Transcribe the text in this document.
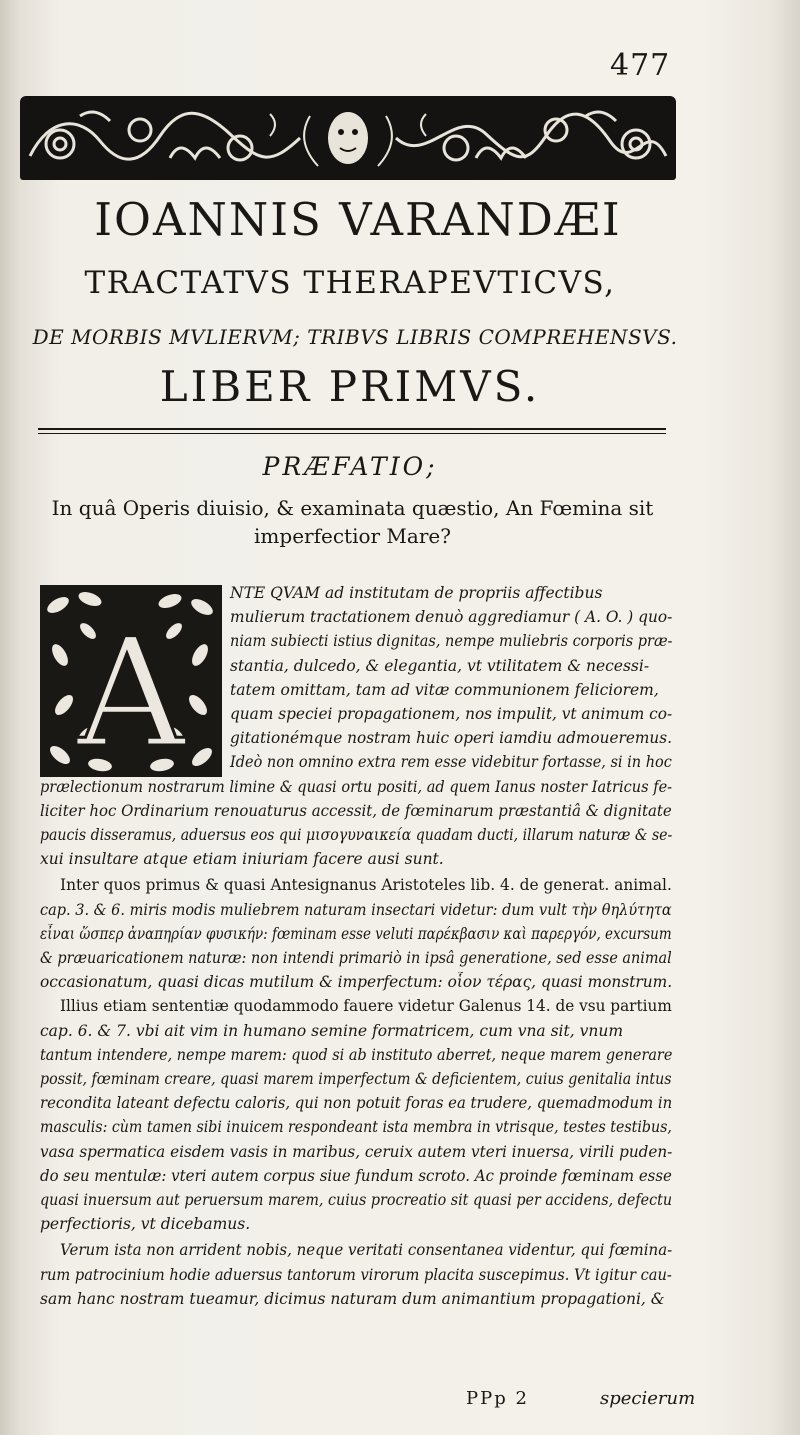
477
IOANNIS VARANDÆI
TRACTATVS THERAPEVTICVS,
DE MORBIS MVLIERVM; TRIBVS LIBRIS COMPREHENSVS.
LIBER PRIMVS.
PRÆFATIO;
In quâ Operis diuisio, & examinata quæstio, An Fœmina sit imperfectior Mare?
A
NTE QVAM ad institutam de propriis affectibus
mulierum tractationem denuò aggrediamur ( A. O. ) quo-
niam subiecti istius dignitas, nempe muliebris corporis præ-
stantia, dulcedo, & elegantia, vt vtilitatem & necessi-
tatem omittam, tam ad vitæ communionem feliciorem,
quam speciei propagationem, nos impulit, vt animum co-
gitationémque nostram huic operi iamdiu admoueremus.
Ideò non omnino extra rem esse videbitur fortasse, si in hoc
prælectionum nostrarum limine & quasi ortu positi, ad quem Ianus noster Iatricus fe-
liciter hoc Ordinarium renouaturus accessit, de fœminarum præstantiâ & dignitate
paucis disseramus, aduersus eos qui μισογυναικεία quadam ducti, illarum naturæ & se-
xui insultare atque etiam iniuriam facere ausi sunt.
Inter quos primus & quasi Antesignanus Aristoteles lib. 4. de generat. animal.
cap. 3. & 6. miris modis muliebrem naturam insectari videtur: dum vult τὴν θηλύτητα
εἶναι ὥσπερ ἀναπηρίαν φυσικήν: fœminam esse veluti παρέκβασιν καὶ παρεργόν, excursum
& præuaricationem naturæ: non intendi primariò in ipsâ generatione, sed esse animal
occasionatum, quasi dicas mutilum & imperfectum: οἷον τέρας, quasi monstrum.
Illius etiam sententiæ quodammodo fauere videtur Galenus 14. de vsu partium
cap. 6. & 7. vbi ait vim in humano semine formatricem, cum vna sit, vnum
tantum intendere, nempe marem: quod si ab instituto aberret, neque marem generare
possit, fœminam creare, quasi marem imperfectum & deficientem, cuius genitalia intus
recondita lateant defectu caloris, qui non potuit foras ea trudere, quemadmodum in
masculis: cùm tamen sibi inuicem respondeant ista membra in vtrisque, testes testibus,
vasa spermatica eisdem vasis in maribus, ceruix autem vteri inuersa, virili puden-
do seu mentulæ: vteri autem corpus siue fundum scroto. Ac proinde fœminam esse
quasi inuersum aut peruersum marem, cuius procreatio sit quasi per accidens, defectu
perfectioris, vt dicebamus.
Verum ista non arrident nobis, neque veritati consentanea videntur, qui fœmina-
rum patrocinium hodie aduersus tantorum virorum placita suscepimus. Vt igitur cau-
sam hanc nostram tueamur, dicimus naturam dum animantium propagationi, &
PPp 2	specierum
